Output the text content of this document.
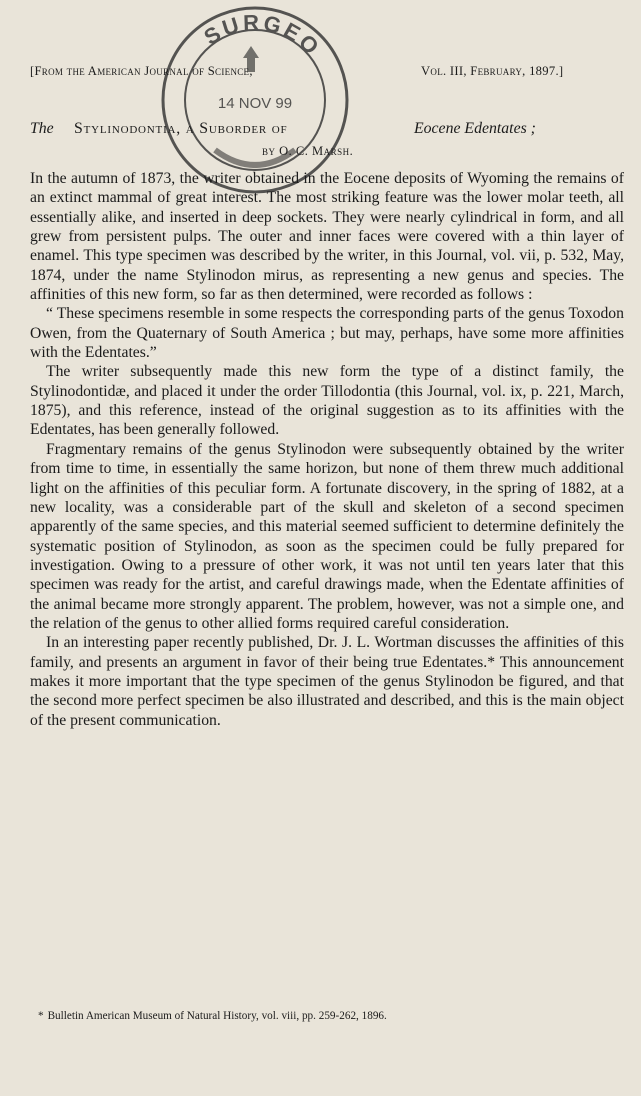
SURGEO
14 NOV 99
[From the American Journal of Science,	Vol. III, February, 1897.]
The Stylinodontia, a Suborder of	Eocene Edentates ;
by O. C. Marsh.

In the autumn of 1873, the writer obtained in the Eocene deposits of Wyoming the remains of an extinct mammal of great interest. The most striking feature was the lower molar teeth, all essentially alike, and inserted in deep sockets. They were nearly cylindrical in form, and all grew from persistent pulps. The outer and inner faces were covered with a thin layer of enamel. This type specimen was described by the writer, in this Journal, vol. vii, p. 532, May, 1874, under the name Stylinodon mirus, as representing a new genus and species. The affinities of this new form, so far as then determined, were recorded as follows :

“ These specimens resemble in some respects the corresponding parts of the genus Toxodon Owen, from the Quaternary of South America ; but may, perhaps, have some more affinities with the Edentates.”

The writer subsequently made this new form the type of a distinct family, the Stylinodontidæ, and placed it under the order Tillodontia (this Journal, vol. ix, p. 221, March, 1875), and this reference, instead of the original suggestion as to its affinities with the Edentates, has been generally followed.

Fragmentary remains of the genus Stylinodon were subsequently obtained by the writer from time to time, in essentially the same horizon, but none of them threw much additional light on the affinities of this peculiar form. A fortunate discovery, in the spring of 1882, at a new locality, was a considerable part of the skull and skeleton of a second specimen apparently of the same species, and this material seemed sufficient to determine definitely the systematic position of Stylinodon, as soon as the specimen could be fully prepared for investigation. Owing to a pressure of other work, it was not until ten years later that this specimen was ready for the artist, and careful drawings made, when the Edentate affinities of the animal became more strongly apparent. The problem, however, was not a simple one, and the relation of the genus to other allied forms required careful consideration.

In an interesting paper recently published, Dr. J. L. Wortman discusses the affinities of this family, and presents an argument in favor of their being true Edentates.* This announcement makes it more important that the type specimen of the genus Stylinodon be figured, and that the second more perfect specimen be also illustrated and described, and this is the main object of the present communication.

* Bulletin American Museum of Natural History, vol. viii, pp. 259-262, 1896.
